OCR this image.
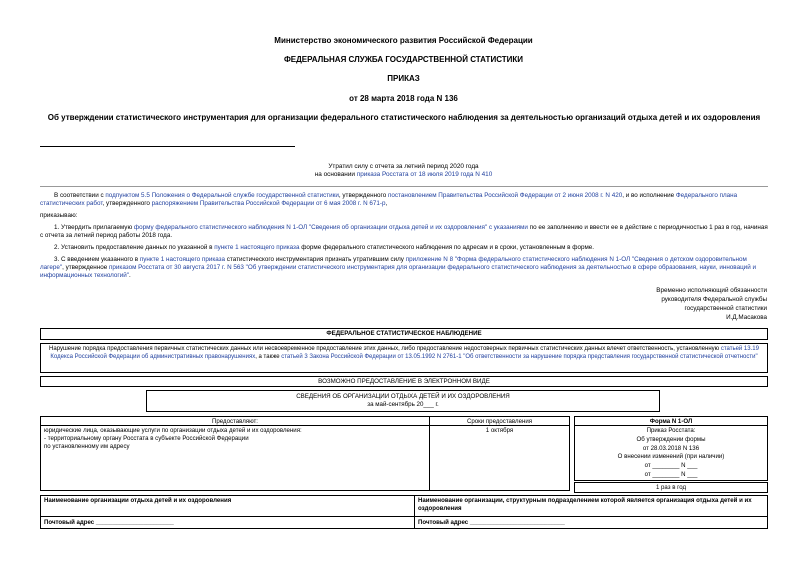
Министерство экономического развития Российской Федерации
ФЕДЕРАЛЬНАЯ СЛУЖБА ГОСУДАРСТВЕННОЙ СТАТИСТИКИ
ПРИКАЗ
от 28 марта 2018 года N 136
Об утверждении статистического инструментария для организации федерального статистического наблюдения за деятельностью организаций отдыха детей и их оздоровления
Утратил силу с отчета за летний период 2020 года
на основании приказа Росстата от 18 июля 2019 года N 410
В соответствии с подпунктом 5.5 Положения о Федеральной службе государственной статистики, утвержденного постановлением Правительства Российской Федерации от 2 июня 2008 г. N 420, и во исполнение Федерального плана статистических работ, утвержденного распоряжением Правительства Российской Федерации от 6 мая 2008 г. N 671-р,
приказываю:
1. Утвердить прилагаемую форму федерального статистического наблюдения N 1-ОЛ "Сведения об организации отдыха детей и их оздоровления" с указаниями по ее заполнению и ввести ее в действие с периодичностью 1 раз в год, начиная с отчета за летний период работы 2018 года.
2. Установить предоставление данных по указанной в пункте 1 настоящего приказа форме федерального статистического наблюдения по адресам и в сроки, установленным в форме.
3. С введением указанного в пункте 1 настоящего приказа статистического инструментария признать утратившим силу приложение N 8 "Форма федерального статистического наблюдения N 1-ОЛ "Сведения о детском оздоровительном лагере", утвержденное приказом Росстата от 30 августа 2017 г. N 563 "Об утверждении статистического инструментария для организации федерального статистического наблюдения за деятельностью в сфере образования, науки, инноваций и информационных технологий".
Временно исполняющий обязанности
руководителя Федеральной службы
государственной статистики
И.Д.Масакова
ФЕДЕРАЛЬНОЕ СТАТИСТИЧЕСКОЕ НАБЛЮДЕНИЕ
Нарушение порядка предоставления первичных статистических данных или несвоевременное предоставление этих данных, либо предоставление недостоверных первичных статистических данных влечет ответственность, установленную статьей 13.19 Кодекса Российской Федерации об административных правонарушениях, а также статьей 3 Закона Российской Федерации от 13.05.1992 N 2761-1 "Об ответственности за нарушение порядка представления государственной статистической отчетности"
ВОЗМОЖНО ПРЕДОСТАВЛЕНИЕ В ЭЛЕКТРОННОМ ВИДЕ
СВЕДЕНИЯ ОБ ОРГАНИЗАЦИИ ОТДЫХА ДЕТЕЙ И ИХ ОЗДОРОВЛЕНИЯ
за май-сентябрь 20___ г.
Предоставляют:	Сроки предоставления	Форма N 1-ОЛ
юридические лица, оказывающие услуги по организации отдыха детей и их оздоровления:
- территориальному органу Росстата в субъекте Российской Федерации
по установленному им адресу
1 октября	Приказ Росстата:
Об утверждении формы
от 28.03.2018 N 136
О внесении изменений (при наличии)
от ________ N ___
от ________ N ___
1 раз в год
Наименование организации отдыха детей и их оздоровления	Наименование организации, структурным подразделением которой является организация отдыха детей и их оздоровления
Почтовый адрес _______________________	Почтовый адрес ____________________________
